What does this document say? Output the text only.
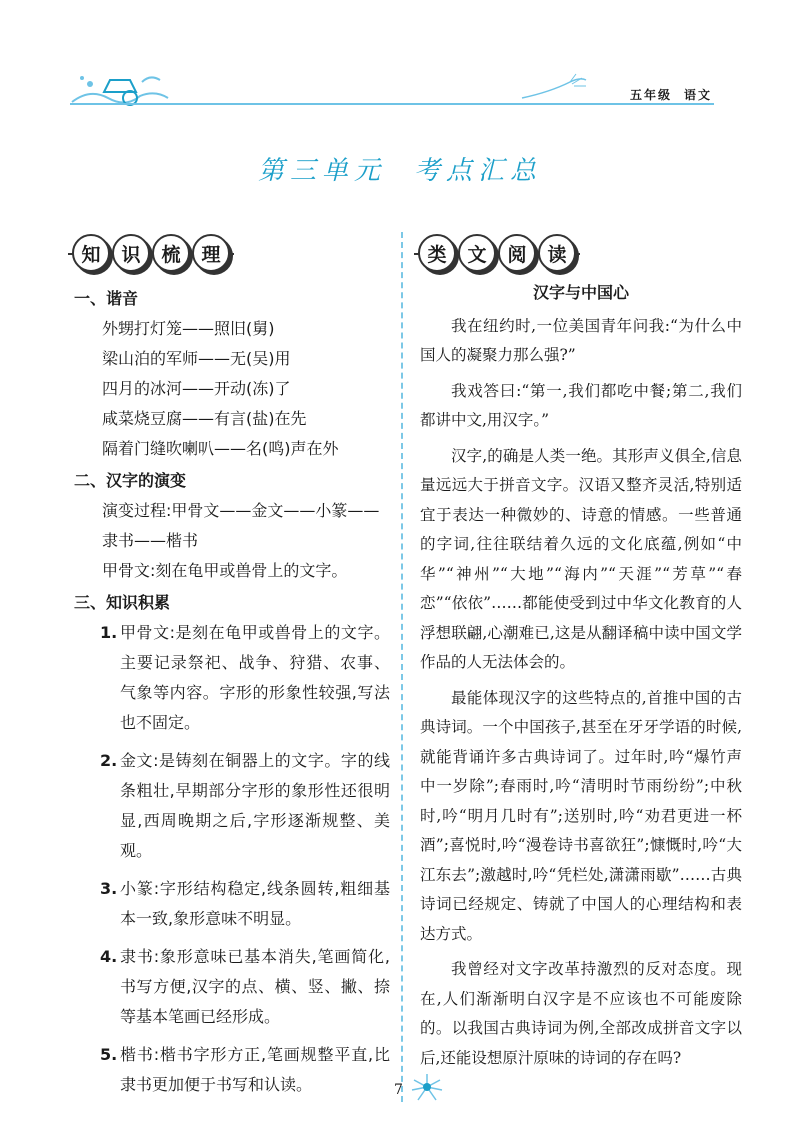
五年级 语文
第三单元 考点汇总
知	识	梳	理	类	文	阅	读
一、谐音
外甥打灯笼——照旧(舅)
梁山泊的军师——无(吴)用
四月的冰河——开动(冻)了
咸菜烧豆腐——有言(盐)在先
隔着门缝吹喇叭——名(鸣)声在外
二、汉字的演变
演变过程:甲骨文——金文——小篆——
隶书——楷书
甲骨文:刻在龟甲或兽骨上的文字。
三、知识积累
1. 甲骨文:是刻在龟甲或兽骨上的文字。主要记录祭祀、战争、狩猎、农事、气象等内容。字形的形象性较强,写法也不固定。
2. 金文:是铸刻在铜器上的文字。字的线条粗壮,早期部分字形的象形性还很明显,西周晚期之后,字形逐渐规整、美观。
3. 小篆:字形结构稳定,线条圆转,粗细基本一致,象形意味不明显。
4. 隶书:象形意味已基本消失,笔画简化,书写方便,汉字的点、横、竖、撇、捺等基本笔画已经形成。
5. 楷书:楷书字形方正,笔画规整平直,比隶书更加便于书写和认读。
汉字与中国心

我在纽约时,一位美国青年问我:“为什么中国人的凝聚力那么强?”

我戏答曰:“第一,我们都吃中餐;第二,我们都讲中文,用汉字。”

汉字,的确是人类一绝。其形声义俱全,信息量远远大于拼音文字。汉语又整齐灵活,特别适宜于表达一种微妙的、诗意的情感。一些普通的字词,往往联结着久远的文化底蕴,例如“中华”“神州”“大地”“海内”“天涯”“芳草”“春恋”“依依”……都能使受到过中华文化教育的人浮想联翩,心潮难已,这是从翻译稿中读中国文学作品的人无法体会的。

最能体现汉字的这些特点的,首推中国的古典诗词。一个中国孩子,甚至在牙牙学语的时候,就能背诵许多古典诗词了。过年时,吟“爆竹声中一岁除”;春雨时,吟“清明时节雨纷纷”;中秋时,吟“明月几时有”;送别时,吟“劝君更进一杯酒”;喜悦时,吟“漫卷诗书喜欲狂”;慷慨时,吟“大江东去”;激越时,吟“凭栏处,潇潇雨歇”……古典诗词已经规定、铸就了中国人的心理结构和表达方式。

我曾经对文字改革持激烈的反对态度。现在,人们渐渐明白汉字是不应该也不可能废除的。以我国古典诗词为例,全部改成拼音文字以后,还能设想原汁原味的诗词的存在吗?

7
